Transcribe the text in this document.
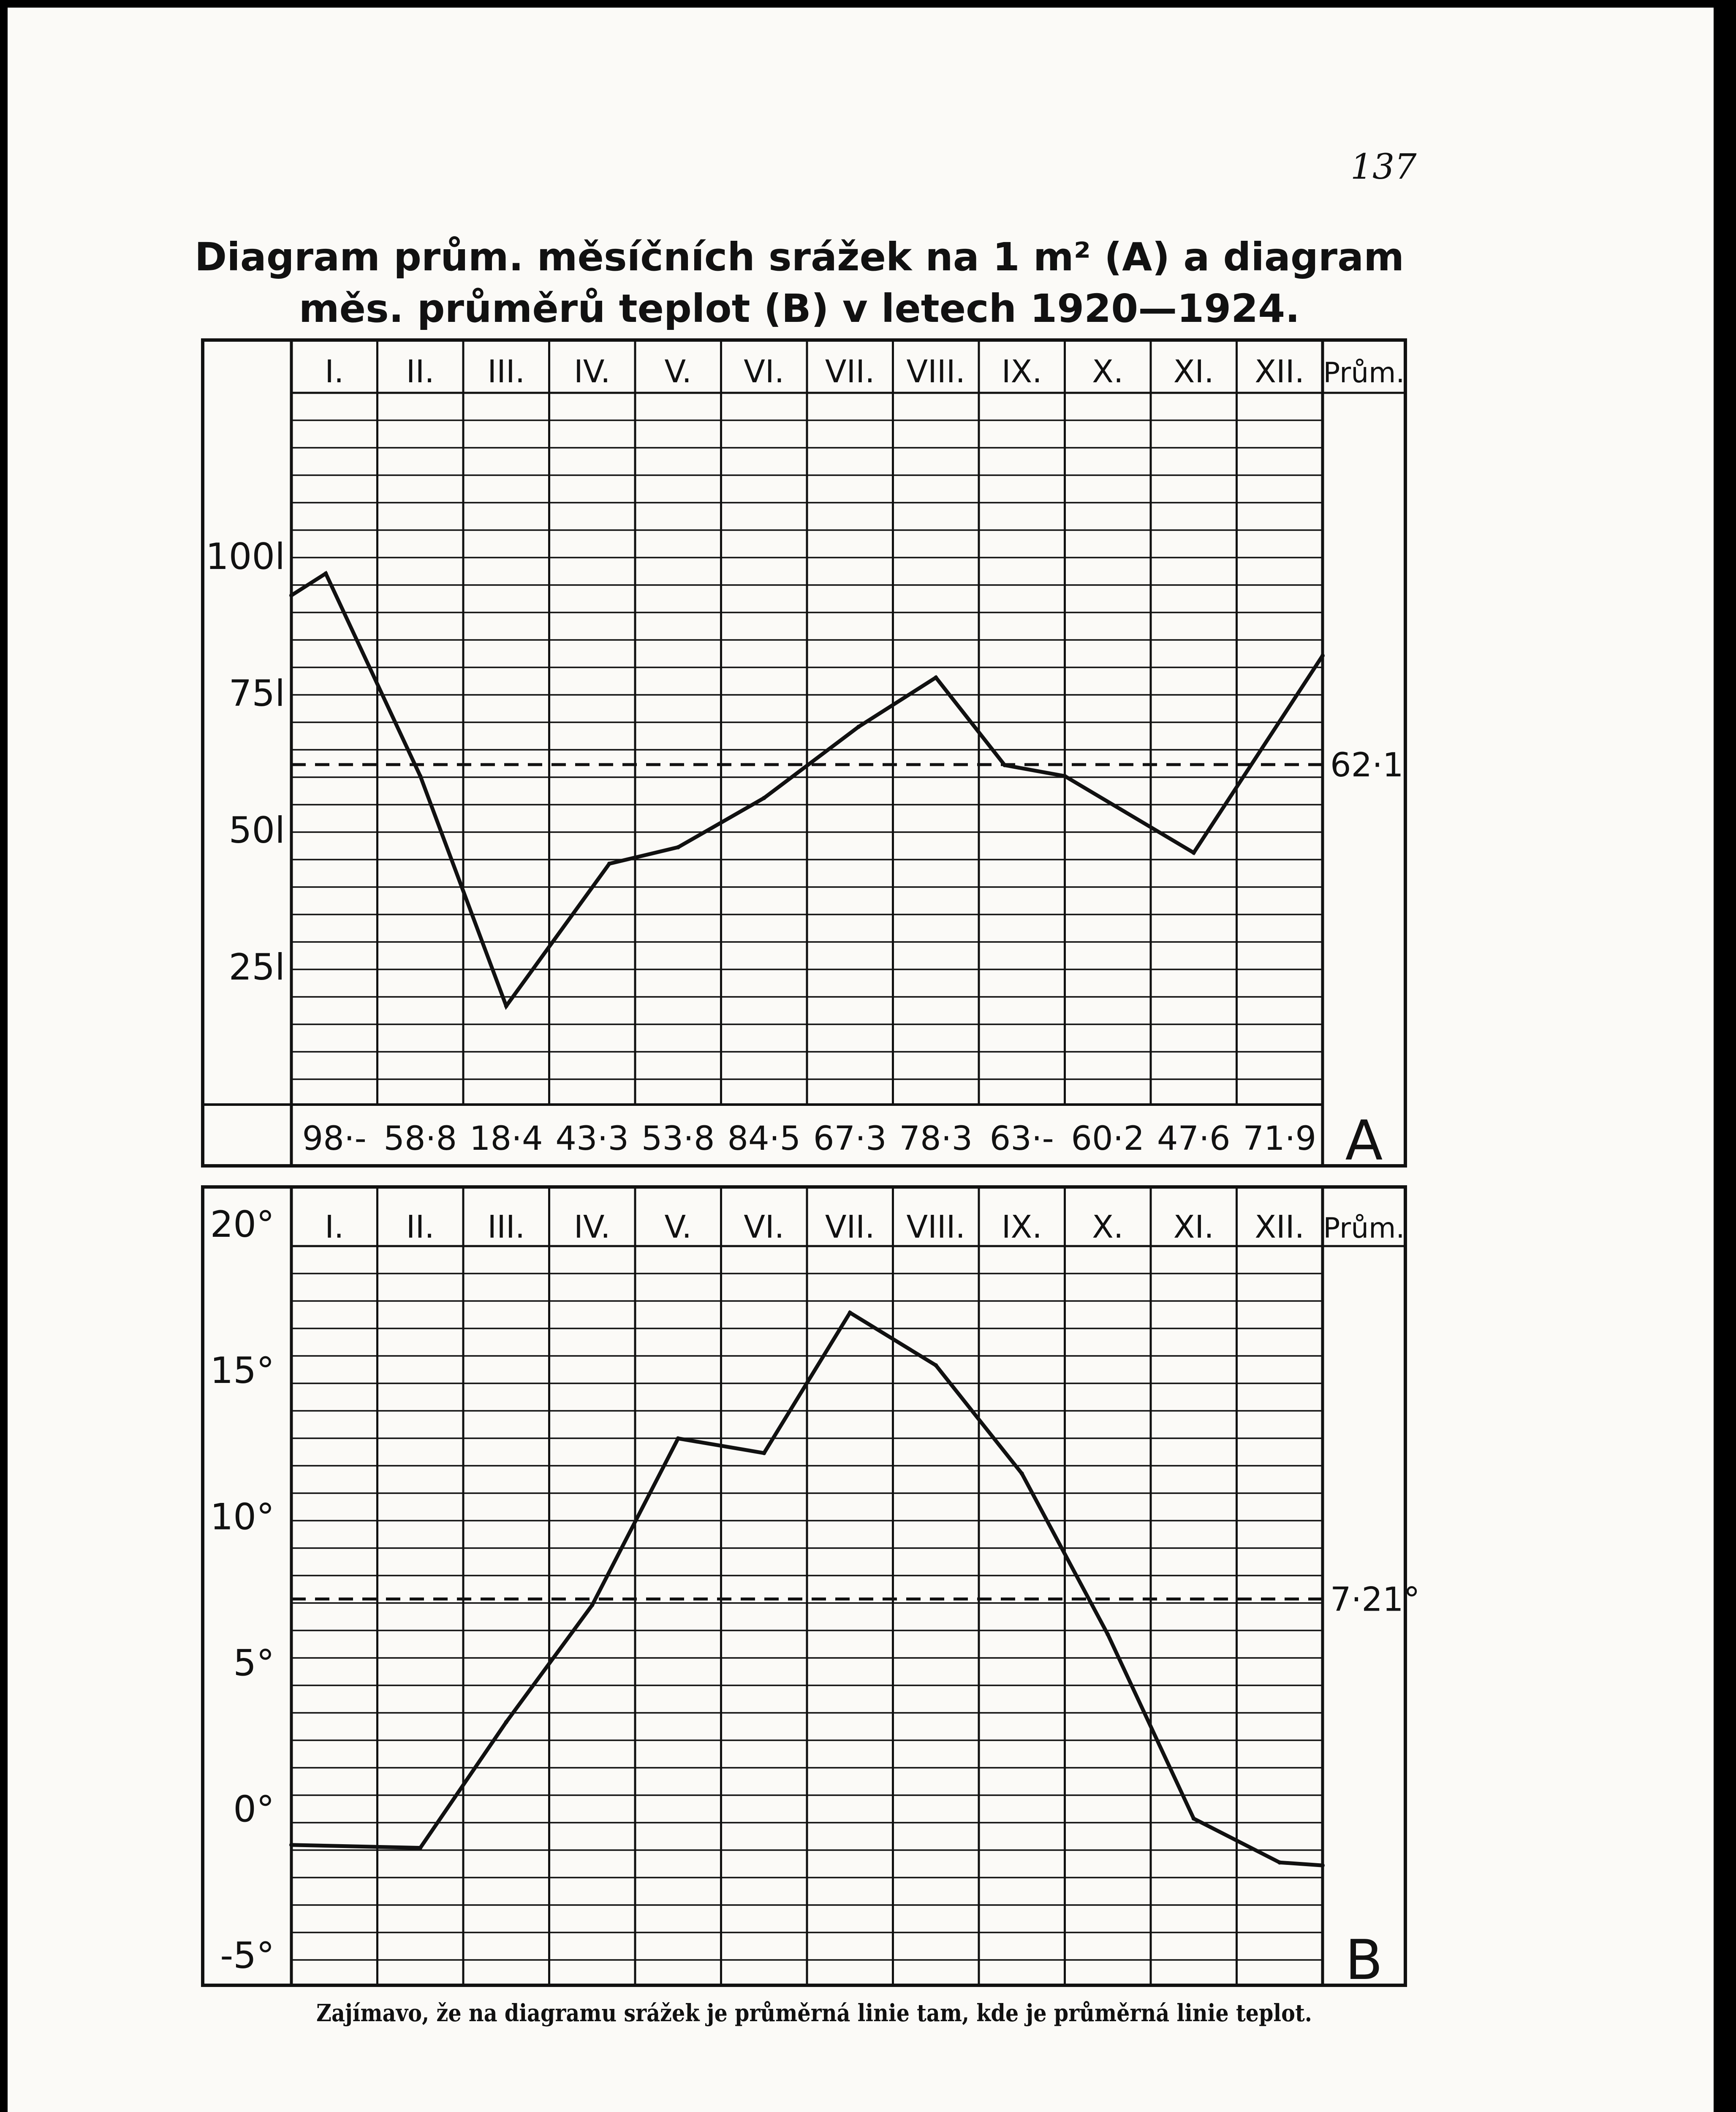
137
Diagram prům. měsíčních srážek na 1 m² (A) a diagram
měs. průměrů teplot (B) v letech 1920—1924.
Zajímavo, že na diagramu srážek je průměrná linie tam, kde je průměrná linie teplot.
I. II. III. IV. V. VI. VII. VIII. IX. X. XI. XII. Prům.
100l
75l
50l
25l
62·1
98·- 58·8 18·4 43·3 53·8 84·5 67·3 78·3 63·- 60·2 47·6 71·9 A
I. II. III. IV. V. VI. VII. VIII. IX. X. XI. XII. Prům.
20°
15°
10°
5°
0°
-5°
7·21°
B
